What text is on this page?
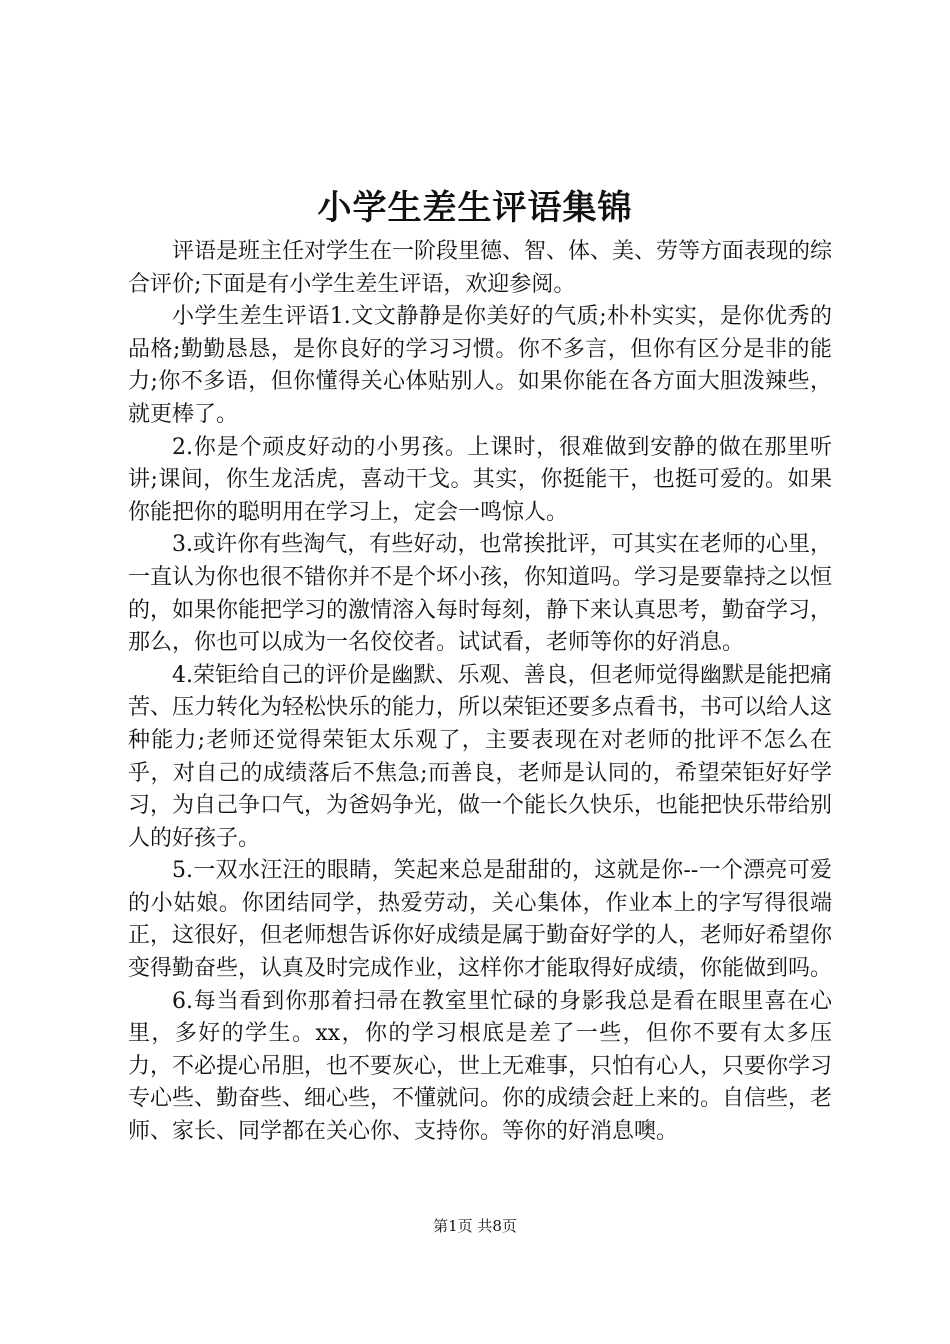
小学生差生评语集锦

评语是班主任对学生在一阶段里德、智、体、美、劳等方面表现的综合评价;下面是有小学生差生评语，欢迎参阅。

小学生差生评语1.文文静静是你美好的气质;朴朴实实，是你优秀的品格;勤勤恳恳，是你良好的学习习惯。你不多言，但你有区分是非的能力;你不多语，但你懂得关心体贴别人。如果你能在各方面大胆泼辣些，就更棒了。

2.你是个顽皮好动的小男孩。上课时，很难做到安静的做在那里听讲;课间，你生龙活虎，喜动干戈。其实，你挺能干，也挺可爱的。如果你能把你的聪明用在学习上，定会一鸣惊人。

3.或许你有些淘气，有些好动，也常挨批评，可其实在老师的心里，一直认为你也很不错你并不是个坏小孩，你知道吗。学习是要靠持之以恒的，如果你能把学习的激情溶入每时每刻，静下来认真思考，勤奋学习，那么，你也可以成为一名佼佼者。试试看，老师等你的好消息。

4.荣钜给自己的评价是幽默、乐观、善良，但老师觉得幽默是能把痛苦、压力转化为轻松快乐的能力，所以荣钜还要多点看书，书可以给人这种能力;老师还觉得荣钜太乐观了，主要表现在对老师的批评不怎么在乎，对自己的成绩落后不焦急;而善良，老师是认同的，希望荣钜好好学习，为自己争口气，为爸妈争光，做一个能长久快乐，也能把快乐带给别人的好孩子。

5.一双水汪汪的眼睛，笑起来总是甜甜的，这就是你--一个漂亮可爱的小姑娘。你团结同学，热爱劳动，关心集体，作业本上的字写得很端正，这很好，但老师想告诉你好成绩是属于勤奋好学的人，老师好希望你变得勤奋些，认真及时完成作业，这样你才能取得好成绩，你能做到吗。

6.每当看到你那着扫帚在教室里忙碌的身影我总是看在眼里喜在心里，多好的学生。xx，你的学习根底是差了一些，但你不要有太多压力，不必提心吊胆，也不要灰心，世上无难事，只怕有心人，只要你学习专心些、勤奋些、细心些，不懂就问。你的成绩会赶上来的。自信些，老师、家长、同学都在关心你、支持你。等你的好消息噢。

第1页 共8页
